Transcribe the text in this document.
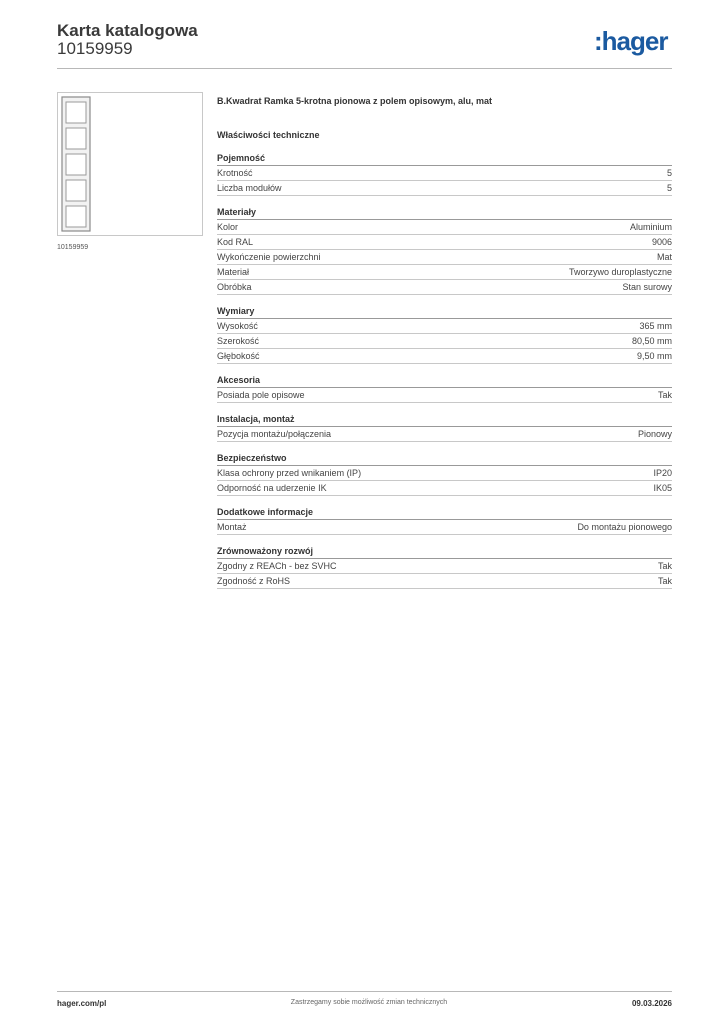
Karta katalogowa
10159959	:hager
10159959
B.Kwadrat Ramka 5-krotna pionowa z polem opisowym, alu, mat
Właściwości techniczne
Pojemność
Krotność	5
Liczba modułów	5
Materiały
Kolor	Aluminium
Kod RAL	9006
Wykończenie powierzchni	Mat
Materiał	Tworzywo duroplastyczne
Obróbka	Stan surowy
Wymiary
Wysokość	365 mm
Szerokość	80,50 mm
Głębokość	9,50 mm
Akcesoria
Posiada pole opisowe	Tak
Instalacja, montaż
Pozycja montażu/połączenia	Pionowy
Bezpieczeństwo
Klasa ochrony przed wnikaniem (IP)	IP20
Odporność na uderzenie IK	IK05
Dodatkowe informacje
Montaż	Do montażu pionowego
Zrównoważony rozwój
Zgodny z REACh - bez SVHC	Tak
Zgodność z RoHS	Tak
hager.com/pl	Zastrzegamy sobie możliwość zmian technicznych	09.03.2026
